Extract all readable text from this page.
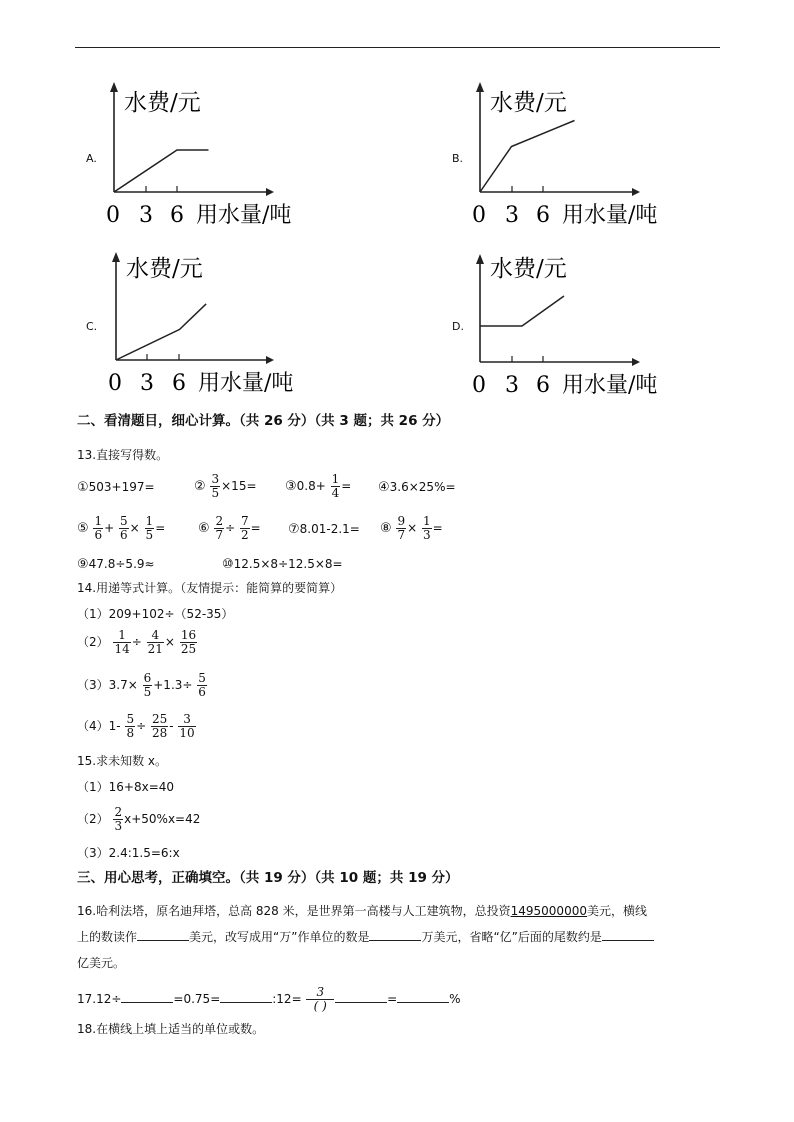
A.
水费/元
0 3 6 用水量/吨
B.
水费/元
0 3 6 用水量/吨
C.
水费/元
0 3 6 用水量/吨
D.
水费/元
0 3 6 用水量/吨
二、看清题目，细心计算。（共 26 分）（共 3 题；共 26 分）
13.直接写得数。
①503+197=	② $\frac{3}{5} \times 15=$ ③0.8+ $\frac{1}{4}$ = ④3.6×25%=
⑤ $\frac{1}{6} + \frac{5}{6} \times \frac{1}{5}$ =	⑥ $\frac{2}{7} \div \frac{7}{2}$ = ⑦8.01-2.1= ⑧ $\frac{9}{7} \times \frac{1}{3}$ =
⑨47.8÷5.9≈	⑩12.5×8÷12.5×8=
14.用递等式计算。（友情提示：能简算的要简算）
（1）209+102÷（52-35）
$(2) \frac{1}{14} \div \frac{4}{21} \times \frac{16}{25}$
$(3)3.7\times \frac{6}{5} +1.3\div \frac{5}{6}$
$(4)1- \frac{5}{8} \div \frac{25}{28} - \frac{3}{10}$
15.求未知数 x。
（1）16+8x=40
$(2) \frac{2}{3} x+50\%x=42$
（3）2.4:1.5=6:x
三、用心思考，正确填空。（共 19 分）（共 10 题；共 19 分）
16.哈利法塔，原名迪拜塔，总高 828 米，是世界第一高楼与人工建筑物，总投资1495000000美元，横线
上的数读作	美元，改写成用“万”作单位的数是	万美元，省略“亿”后面的尾数约是
亿美元。
17.12÷	=0.75=	:12= $\frac{3}{( )}$	=	%
18.在横线上填上适当的单位或数。
